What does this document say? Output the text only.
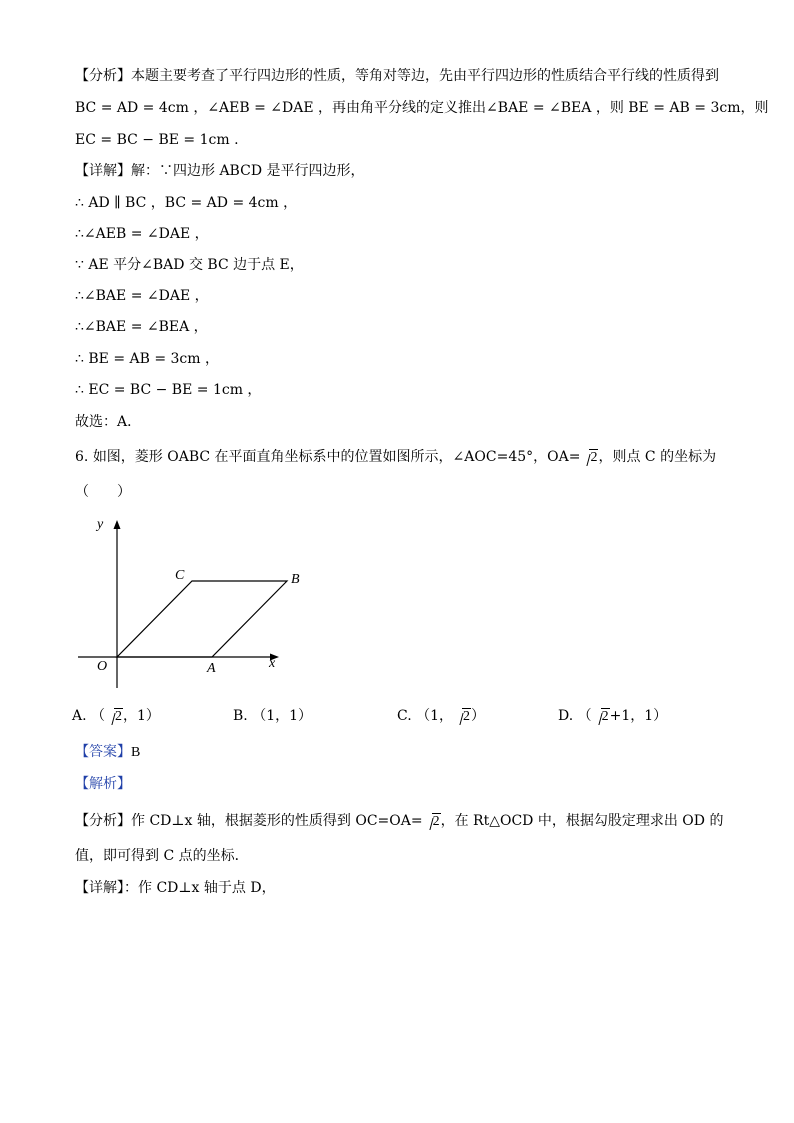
【分析】本题主要考查了平行四边形的性质，等角对等边，先由平行四边形的性质结合平行线的性质得到
BC = AD = 4cm ，∠AEB = ∠DAE ，再由角平分线的定义推出∠BAE = ∠BEA ，则 BE = AB = 3cm，则
EC = BC − BE = 1cm .
【详解】解：∵四边形 ABCD 是平行四边形，
∴ AD ∥ BC ，BC = AD = 4cm ，
∴∠AEB = ∠DAE ，
∵ AE 平分∠BAD 交 BC 边于点 E，
∴∠BAE = ∠DAE ，
∴∠BAE = ∠BEA ，
∴ BE = AB = 3cm ，
∴ EC = BC − BE = 1cm ，
故选：A．
6. 如图，菱形 OABC 在平面直角坐标系中的位置如图所示，∠AOC=45°，OA= 2，则点 C 的坐标为
（　　）
y
x
O	A
B
C
A. （ 2，1）	B. （1，1）	C. （1， 2）	D. （ 2+1，1）
【答案】B
【解析】
【分析】作 CD⊥x 轴，根据菱形的性质得到 OC=OA= 2，在 Rt△OCD 中，根据勾股定理求出 OD 的
值，即可得到 C 点的坐标．
【详解】：作 CD⊥x 轴于点 D，
